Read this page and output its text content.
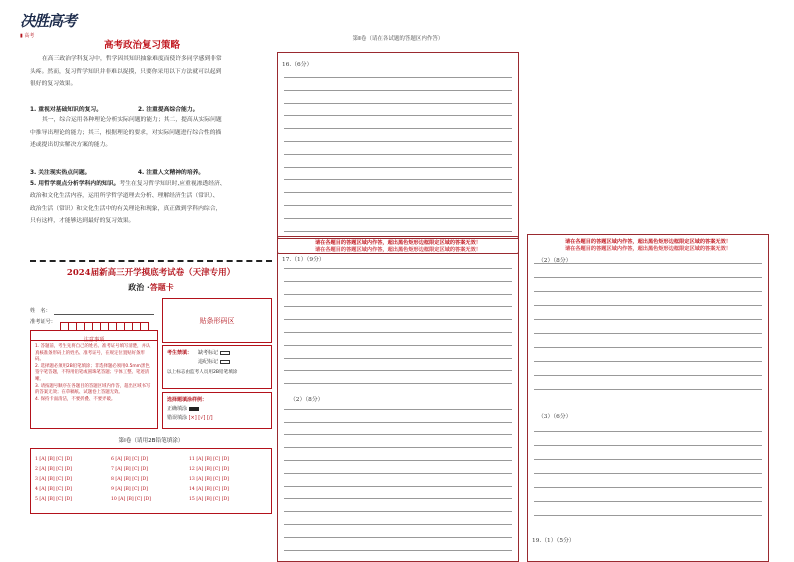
决胜高考
▮ 高考
高考政治复习策略
在高三政治学科复习中，哲学因其知识抽象难度而使许多同学感到非常
头疼。然而，复习哲学知识并非难以捉摸，只要你采用以下方法就可以起到
很好的复习效果。
1. 重视对基础知识的复习。	2. 注重提高综合能力。
其一，综合运用各种理论分析实际问题的能力；其二，提高从实际问题
中推导出理论的能力；其三，根据理论的要求，对实际问题进行综合性的描
述或提出切实解决方案的能力。
3. 关注现实热点问题。	4. 注重人文精神的培养。
5. 用哲学观点分析学科内的知识。考生在复习哲学知识时,应重视渗透经济、
政治和文化生活内容，运用所学哲学道理去分析、理解经济生活（常识）、
政治生活（常识）和文化生活中的有关理论和现象，真正做到学科内综合，
只有这样，才能够达到最好的复习效果。
2024届新高三开学摸底考试卷（天津专用）
政治 ·答题卡
姓　名：
准考证号：	贴条形码区
注意事项
1. 答题前，考生先将自己的姓名、准考证号填写清楚，并认真核准条形码上的姓名、准考证号，在规定位置贴好条形码。
2. 选择题必须用2B铅笔填涂；非选择题必须用0.5mm黑色签字笔答题，不得用铅笔或圆珠笔答题；字体工整、笔迹清晰。
3. 请按题号顺序在各题目的答题区域内作答，超出区域书写的答案无效；在草稿纸、试题卷上答题无效。
4. 保持卡面清洁，不要折叠、不要弄破。
考生禁填： 缺考标记
违纪标记
以上标志由监考人员用2B铅笔填涂
选择题填涂样例：
正确填涂
错误填涂 [×] [√] [/]
第Ⅰ卷（请用2B铅笔填涂）
1 [A] [B] [C] [D]
2 [A] [B] [C] [D]
3 [A] [B] [C] [D]
4 [A] [B] [C] [D]
5 [A] [B] [C] [D]
6 [A] [B] [C] [D]
7 [A] [B] [C] [D]
8 [A] [B] [C] [D]
9 [A] [B] [C] [D]
10 [A] [B] [C] [D]
11 [A] [B] [C] [D]
12 [A] [B] [C] [D]
13 [A] [B] [C] [D]
14 [A] [B] [C] [D]
15 [A] [B] [C] [D]
第Ⅱ卷（请在各试题的答题区内作答）
16.（6分）
请在各题目的答题区域内作答，超出黑色矩形边框限定区域的答案无效！
请在各题目的答题区域内作答，超出黑色矩形边框限定区域的答案无效！
17.（1）（9分）
（2）（8分）
请在各题目的答题区域内作答，超出黑色矩形边框限定区域的答案无效！
请在各题目的答题区域内作答，超出黑色矩形边框限定区域的答案无效！
（2）（8分）
（3）（6分）
19.（1）（5分）
